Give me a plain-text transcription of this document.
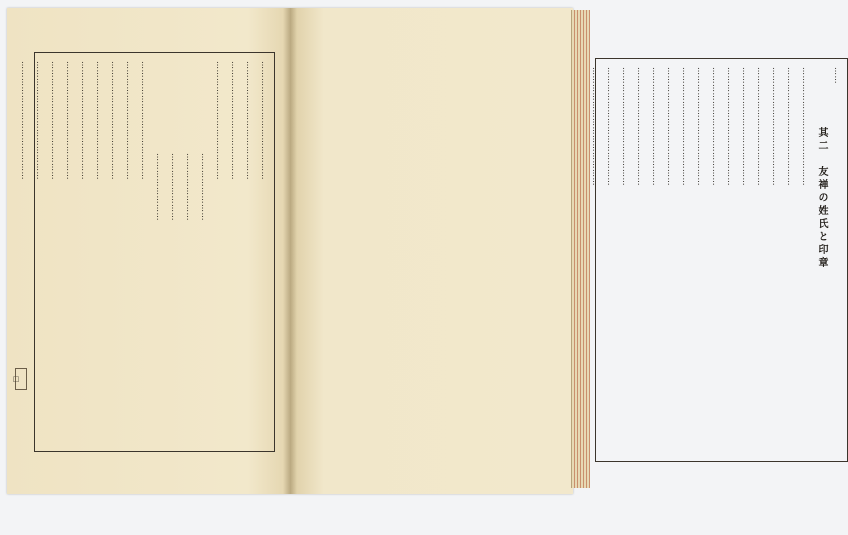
□
……………………………………
……………………………………
……………………………………
……………………………………
……………………
……………………
……………………
……………………
……………………………………
……………………………………
……………………………………
……………………………………
……………………………………
……………………………………
……………………………………
……………………………………
……………………………………	……
其二　友禅の姓氏と印章
……………………………………
……………………………………
……………………………………
……………………………………
……………………………………
……………………………………
……………………………………
……………………………………
……………………………………
……………………………………
……………………………………
……………………………………
……………………………………
……………………………………
……………………………………
